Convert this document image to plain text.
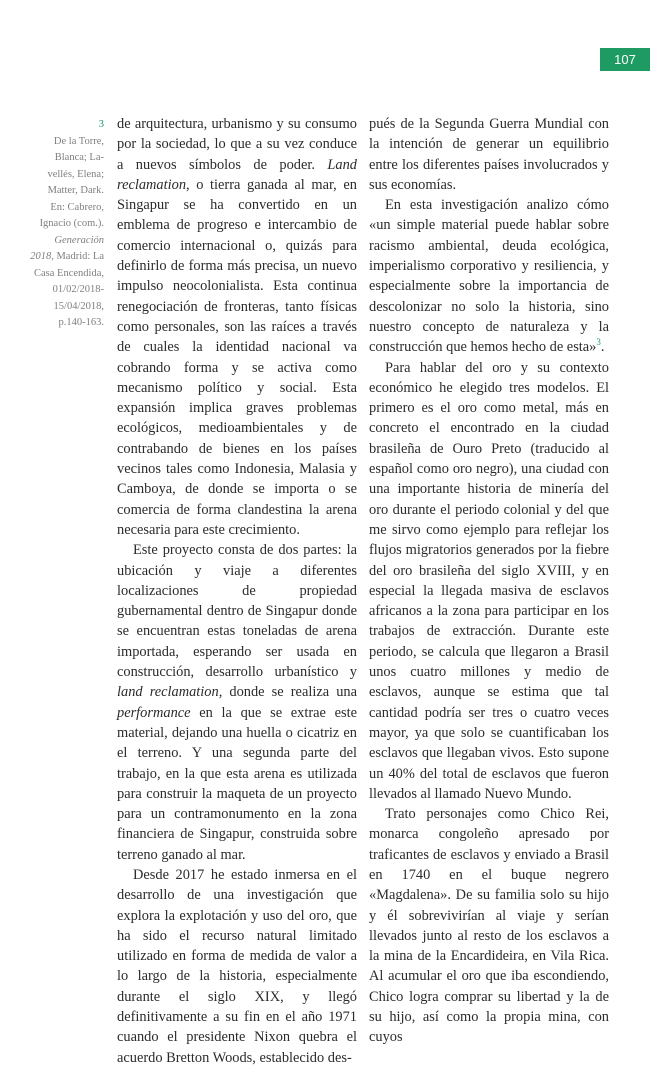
107
3
De la Torre,
Blanca; La-
vellés, Elena;
Matter, Dark.
En: Cabrero,
Ignacio (com.).
Generación
2018, Madrid: La
Casa Encendida,
01/02/2018-
15/04/2018,
p.140-163.

de arquitectura, urbanismo y su consumo por la sociedad, lo que a su vez conduce a nuevos símbolos de poder. Land reclamation, o tierra ganada al mar, en Singapur se ha convertido en un emblema de progreso e intercambio de comercio internacional o, quizás para definirlo de forma más precisa, un nuevo impulso neocolonialista. Esta continua renegociación de fronteras, tanto físicas como personales, son las raíces a través de cuales la identidad nacional va cobrando forma y se activa como mecanismo político y social. Esta expansión implica graves problemas ecológicos, medioambientales y de contrabando de bienes en los países vecinos tales como Indonesia, Malasia y Camboya, de donde se importa o se comercia de forma clandestina la arena necesaria para este crecimiento.

Este proyecto consta de dos partes: la ubicación y viaje a diferentes localizaciones de propiedad gubernamental dentro de Singapur donde se encuentran estas toneladas de arena importada, esperando ser usada en construcción, desarrollo urbanístico y land reclamation, donde se realiza una performance en la que se extrae este material, dejando una huella o cicatriz en el terreno. Y una segunda parte del trabajo, en la que esta arena es utilizada para construir la maqueta de un proyecto para un contramonumento en la zona financiera de Singapur, construida sobre terreno ganado al mar.

Desde 2017 he estado inmersa en el desarrollo de una investigación que explora la explotación y uso del oro, que ha sido el recurso natural limitado utilizado en forma de medida de valor a lo largo de la historia, especialmente durante el siglo XIX, y llegó definitivamente a su fin en el año 1971 cuando el presidente Nixon quebra el acuerdo Bretton Woods, establecido des-

pués de la Segunda Guerra Mundial con la intención de generar un equilibrio entre los diferentes países involucrados y sus economías.

En esta investigación analizo cómo «un simple material puede hablar sobre racismo ambiental, deuda ecológica, imperialismo corporativo y resiliencia, y especialmente sobre la importancia de descolonizar no solo la historia, sino nuestro concepto de naturaleza y la construcción que hemos hecho de esta»$^3$.

Para hablar del oro y su contexto económico he elegido tres modelos. El primero es el oro como metal, más en concreto el encontrado en la ciudad brasileña de Ouro Preto (traducido al español como oro negro), una ciudad con una importante historia de minería del oro durante el periodo colonial y del que me sirvo como ejemplo para reflejar los flujos migratorios generados por la fiebre del oro brasileña del siglo XVIII, y en especial la llegada masiva de esclavos africanos a la zona para participar en los trabajos de extracción. Durante este periodo, se calcula que llegaron a Brasil unos cuatro millones y medio de esclavos, aunque se estima que tal cantidad podría ser tres o cuatro veces mayor, ya que solo se cuantificaban los esclavos que llegaban vivos. Esto supone un 40% del total de esclavos que fueron llevados al llamado Nuevo Mundo.

Trato personajes como Chico Rei, monarca congoleño apresado por traficantes de esclavos y enviado a Brasil en 1740 en el buque negrero «Magdalena». De su familia solo su hijo y él sobrevivirían al viaje y serían llevados junto al resto de los esclavos a la mina de la Encardideira, en Vila Rica. Al acumular el oro que iba escondiendo, Chico logra comprar su libertad y la de su hijo, así como la propia mina, con cuyos
